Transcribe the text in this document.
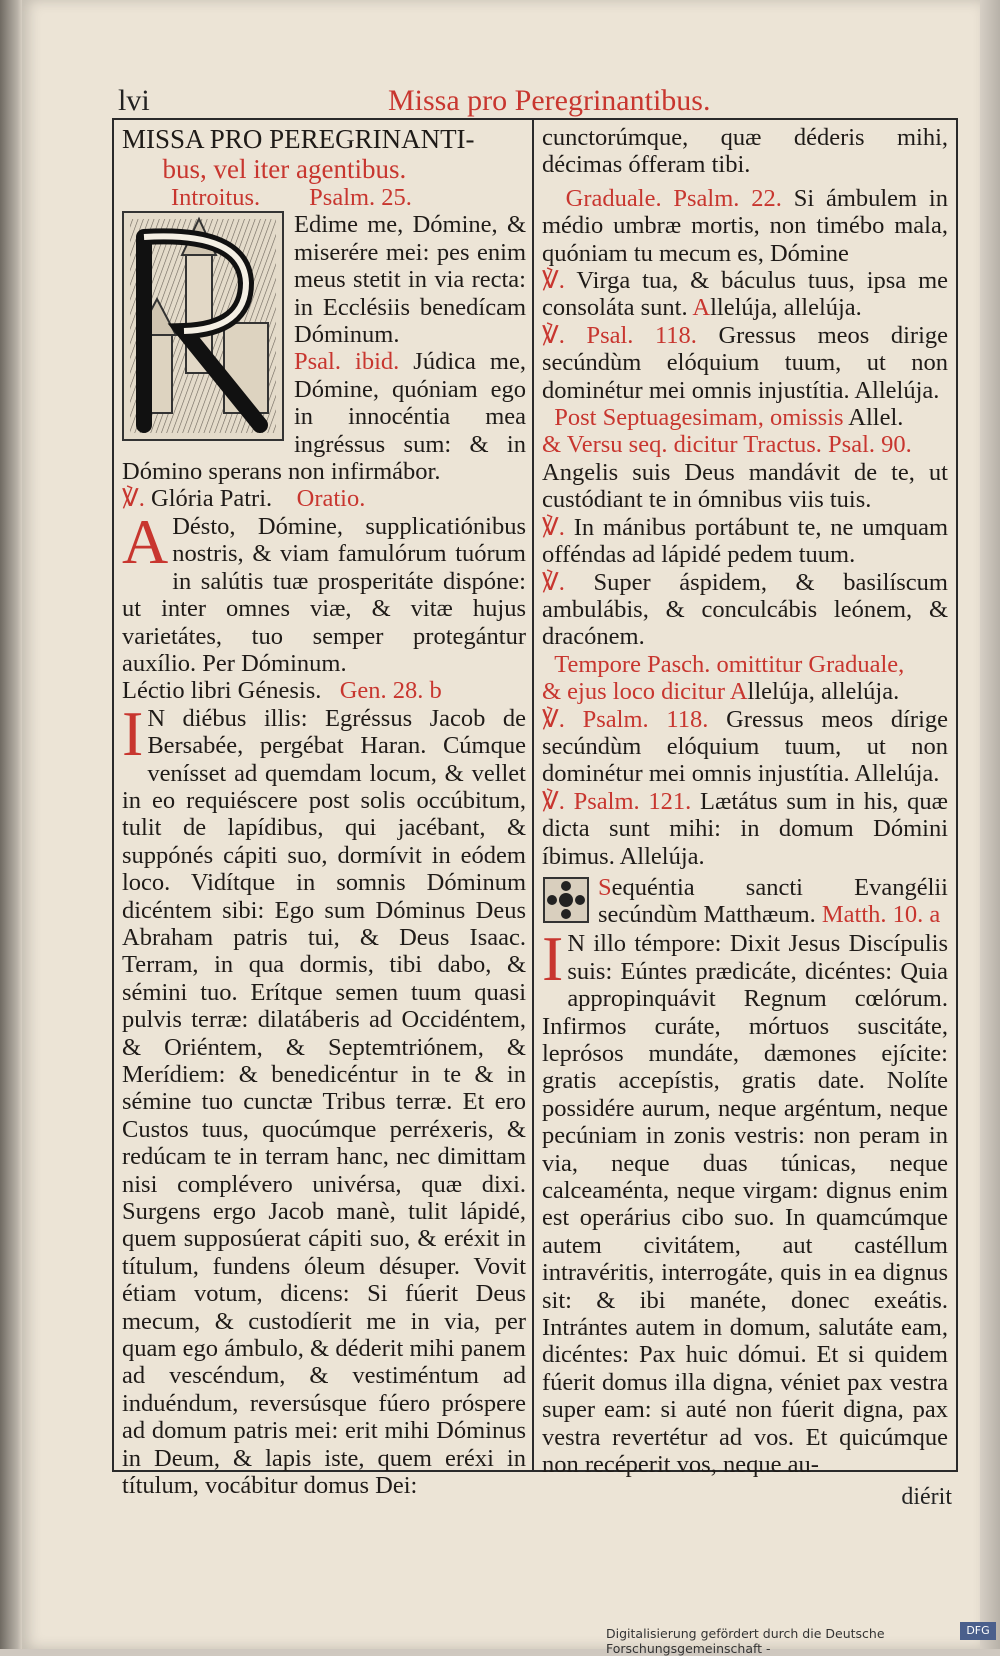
lvi	Missa pro Peregrinantibus.

MISSA PRO PEREGRINANTI-
bus, vel iter agentibus.

Introitus. Psalm. 25.

Edime me, Dómine, & miserére mei: pes enim meus stetit in via recta: in Ecclésiis benedícam Dóminum.

Psal. ibid. Júdica me, Dómine, quóniam ego in innocéntia mea ingréssus sum: & in Dómino sperans non infirmábor.

℣. Glória Patri. Oratio.

A Désto, Dómine, supplicatiónibus nostris, & viam famulórum tuórum in salútis tuæ prosperitáte dispóne: ut inter omnes viæ, & vitæ hujus varietátes, tuo semper protegántur auxílio. Per Dóminum.

Léctio libri Génesis. Gen. 28. b

I N diébus illis: Egréssus Jacob de Bersabée, pergébat Haran. Cúmque venísset ad quemdam locum, & vellet in eo requiéscere post solis occúbitum, tulit de lapídibus, qui jacébant, & suppónés cápiti suo, dormívit in eódem loco. Vidítque in somnis Dóminum dicéntem sibi: Ego sum Dóminus Deus Abraham patris tui, & Deus Isaac. Terram, in qua dormis, tibi dabo, & sémini tuo. Erítque semen tuum quasi pulvis terræ: dilatáberis ad Occidéntem, & Oriéntem, & Septemtriónem, & Merídiem: & benedicéntur in te & in sémine tuo cunctæ Tribus terræ. Et ero Custos tuus, quocúmque perréxeris, & redúcam te in terram hanc, nec dimittam nisi complévero univérsa, quæ dixi. Surgens ergo Jacob manè, tulit lápidé, quem supposúerat cápiti suo, & eréxit in títulum, fundens óleum désuper. Vovit étiam votum, dicens: Si fúerit Deus mecum, & custodíerit me in via, per quam ego ámbulo, & déderit mihi panem ad vescéndum, & vestiméntum ad induéndum, reversúsque fúero próspere ad domum patris mei: erit mihi Dóminus in Deum, & lapis iste, quem eréxi in títulum, vocábitur domus Dei:

cunctorúmque, quæ déderis mihi, décimas ófferam tibi.

Graduale. Psalm. 22. Si ámbulem in médio umbræ mortis, non timébo mala, quóniam tu mecum es, Dómine

℣. Virga tua, & báculus tuus, ipsa me consoláta sunt. Allelúja, allelúja.

℣. Psal. 118. Gressus meos dirige secúndùm elóquium tuum, ut non dominétur mei omnis injustítia. Allelúja.

Post Septuagesimam, omissis Allel.
& Versu seq. dicitur Tractus. Psal. 90.

Angelis suis Deus mandávit de te, ut custódiant te in ómnibus viis tuis.

℣. In mánibus portábunt te, ne umquam offéndas ad lápidé pedem tuum.

℣. Super áspidem, & basilíscum ambulábis, & conculcábis leónem, & dracónem.

Tempore Pasch. omittitur Graduale,
& ejus loco dicitur Allelúja, allelúja.

℣. Psalm. 118. Gressus meos dírige secúndùm elóquium tuum, ut non dominétur mei omnis injustítia. Allelúja.

℣. Psalm. 121. Lætátus sum in his, quæ dicta sunt mihi: in domum Dómini íbimus. Allelúja.

Sequéntia sancti Evangélii secúndùm Matthæum. Matth. 10. a

I N illo témpore: Dixit Jesus Discípulis suis: Eúntes prædicáte, dicéntes: Quia appropinquávit Regnum cœlórum. Infirmos curáte, mórtuos suscitáte, leprósos mundáte, dæmones ejícite: gratis accepístis, gratis date. Nolíte possidére aurum, neque argéntum, neque pecúniam in zonis vestris: non peram in via, neque duas túnicas, neque calceaménta, neque virgam: dignus enim est operárius cibo suo. In quamcúmque autem civitátem, aut castéllum intravéritis, interrogáte, quis in ea dignus sit: & ibi manéte, donec exeátis. Intrántes autem in domum, salutáte eam, dicéntes: Pax huic dómui. Et si quidem fúerit domus illa digna, véniet pax vestra super eam: si auté non fúerit digna, pax vestra revertétur ad vos. Et quicúmque non recéperit vos, neque au-

diérit
Digitalisierung gefördert durch die Deutsche Forschungsgemeinschaft -
DFG
